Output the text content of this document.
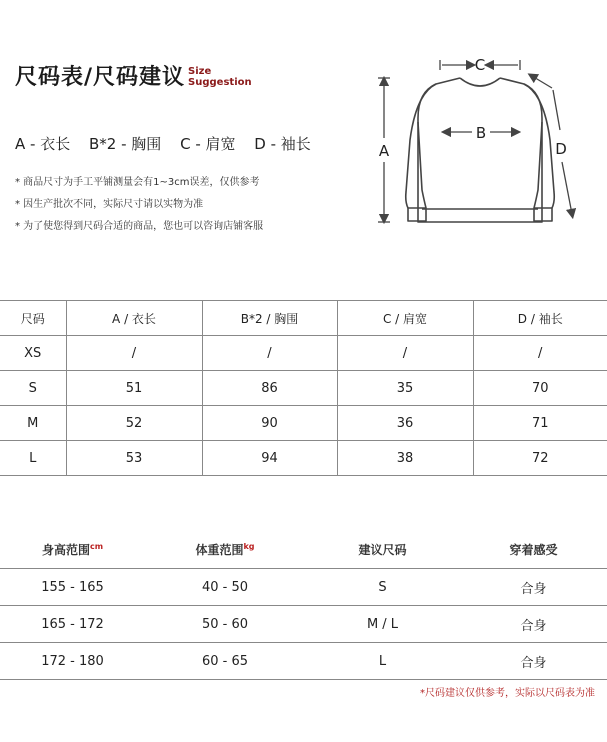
尺码表/尺码建议 Size
Suggestion
A - 衣长 B*2 - 胸围 C - 肩宽 D - 袖长
* 商品尺寸为手工平铺测量会有1~3cm误差，仅供参考
* 因生产批次不同，实际尺寸请以实物为准
* 为了使您得到尺码合适的商品，您也可以咨询店铺客服
C
B
A	D
尺码	A / 衣长	B*2 / 胸围	C / 肩宽	D / 袖长
XS	/	/	/	/
S	51	86	35	70
M	52	90	36	71
L	53	94	38	72
身高范围$^{cm}$	体重范围$^{kg}$	建议尺码	穿着感受
155 - 165	40 - 50	S	合身
165 - 172	50 - 60	M / L	合身
172 - 180	60 - 65	L	合身
*尺码建议仅供参考，实际以尺码表为准
